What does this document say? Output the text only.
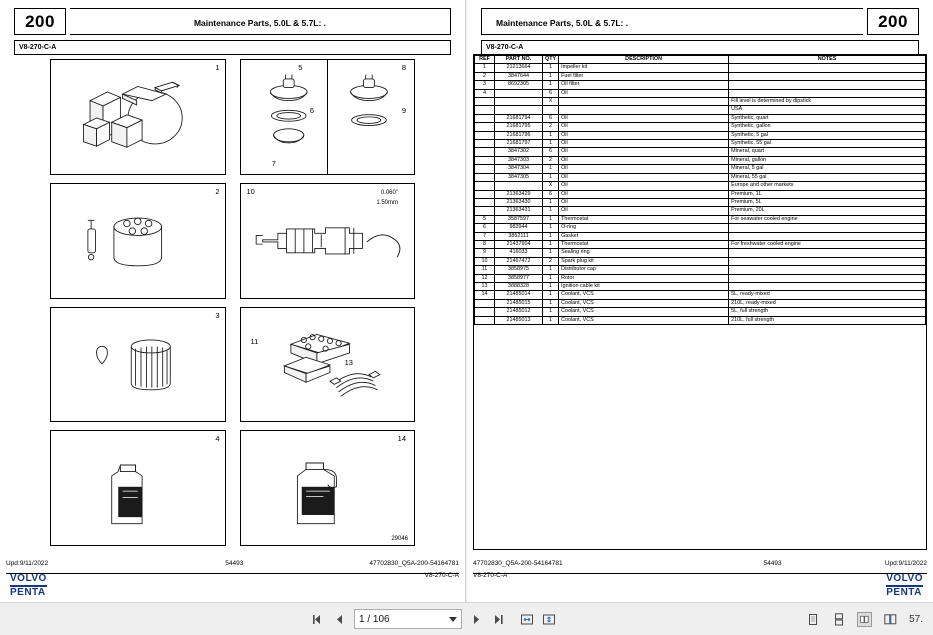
200	Maintenance Parts, 5.0L & 5.7L: .
V8-270-C-A
1	5
6
7
8
9
2	10	0.060"
1.50mm
3
11
13
4	14
29046
Upd:9/11/2022	54493	47702830_Q5A-200-54164781
V8-270-C-A
VOLVO
PENTA
200
Maintenance Parts, 5.0L & 5.7L: .
V8-270-C-A
REF	PART NO.	QTY	DESCRIPTION	NOTES
1	21213664	1	Impeller kit	
2	3847644	1	Fuel filter	
3	8692305	1	Oil filter	
4		6	Oil	
		X		Fill level is determined by dipstick
				USA
	21681794	6	Oil	Synthetic, quart
	21681795	2	Oil	Synthetic, gallon
	21681796	1	Oil	Synthetic, 5 gal
	21681797	1	Oil	Synthetic, 55 gal
	3847302	6	Oil	Mineral, quart
	3847303	2	Oil	Mineral, gallon
	3847304	1	Oil	Mineral, 5 gal
	3847305	1	Oil	Mineral, 55 gal
		X	Oil	Europe and other markets
	21363429	6	Oil	Premium, 1L
	21363430	1	Oil	Premium, 5L
	21363431	1	Oil	Premium, 20L
5	3587597	1	Thermostat	For seawater cooled engine
6	983944	1	O-ring	
7	3852111	1	Gasket	
8	21437904	1	Thermostat	For freshwater cooled engine
9	416033	1	Sealing ring	
10	21467472	2	Spark plug kit	
11	3858975	1	Distributor cap	
12	3858977	1	Rotor	
13	3888328	1	Ignition cable kit	
14	21485014	1	Coolant, VCS	5L, ready-mixed
	21485015	1	Coolant, VCS	210L, ready-mixed
	21485012	1	Coolant, VCS	5L, full strength
	21485013	1	Coolant, VCS	210L, full strength
47702830_Q5A-200-54164781	54493	Upd:9/11/2022
V8-270-C-A	VOLVO
PENTA
1 / 106	57.
